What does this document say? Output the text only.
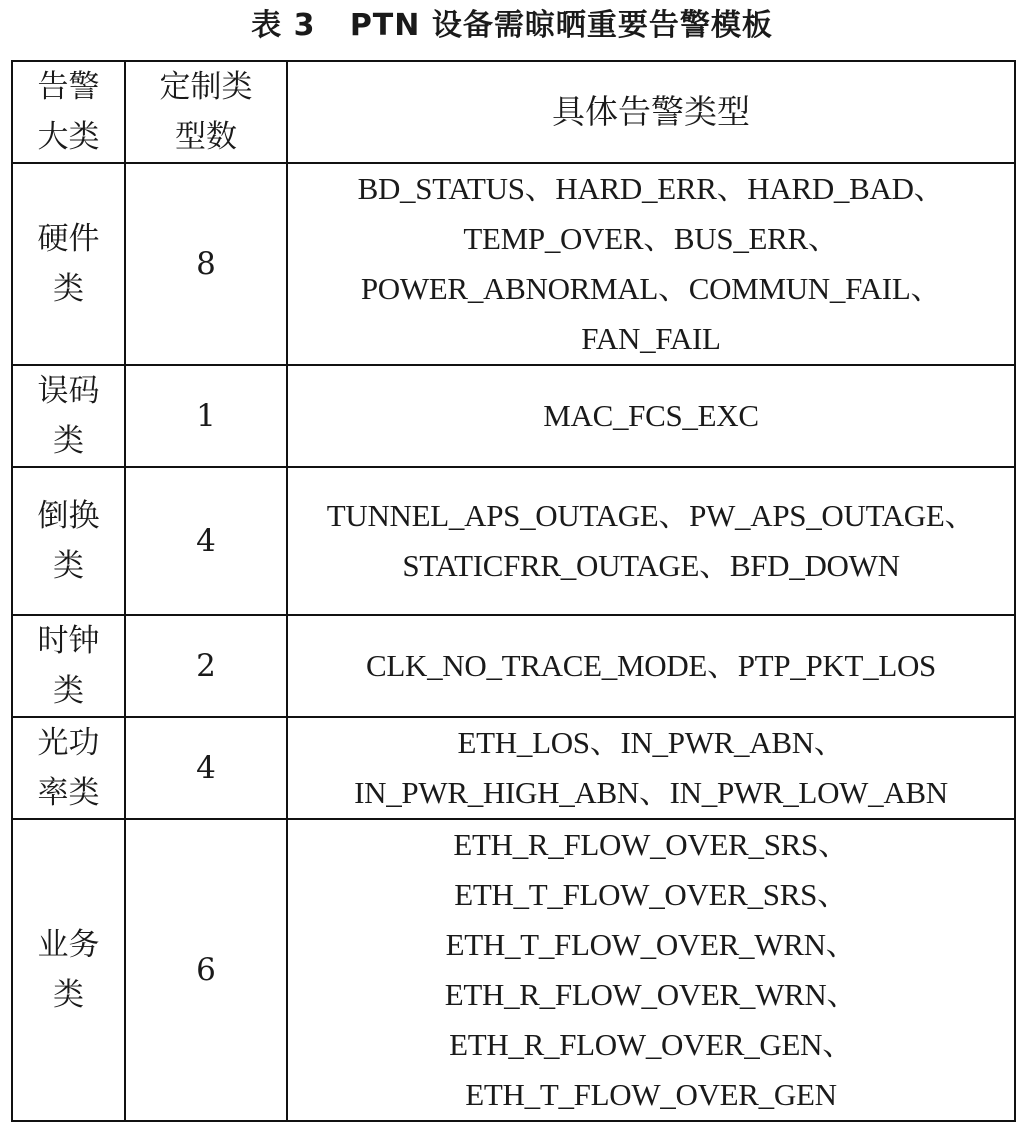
表 3   PTN 设备需晾晒重要告警模板
告警大类	定制类型数	具体告警类型
硬件类	8	BD_STATUS、HARD_ERR、HARD_BAD、TEMP_OVER、BUS_ERR、POWER_ABNORMAL、COMMUN_FAIL、FAN_FAIL
误码类	1	MAC_FCS_EXC
倒换类	4	TUNNEL_APS_OUTAGE、PW_APS_OUTAGE、STATICFRR_OUTAGE、BFD_DOWN
时钟类	2	CLK_NO_TRACE_MODE、PTP_PKT_LOS
光功率类	4	ETH_LOS、IN_PWR_ABN、IN_PWR_HIGH_ABN、IN_PWR_LOW_ABN
业务类	6	ETH_R_FLOW_OVER_SRS、ETH_T_FLOW_OVER_SRS、ETH_T_FLOW_OVER_WRN、ETH_R_FLOW_OVER_WRN、ETH_R_FLOW_OVER_GEN、ETH_T_FLOW_OVER_GEN
